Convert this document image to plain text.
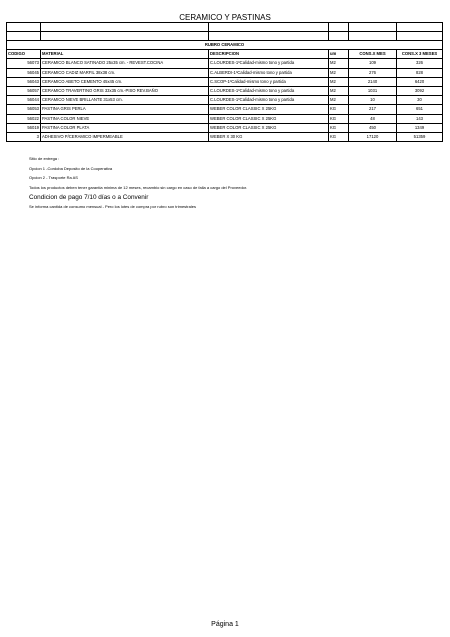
CERAMICO Y PASTINAS

RUBRO CERAMICO					
CODIGO	MATERIAL	DESCRIPCION	um	CONS.X MES	CONS.X 3 MESES
56073	CERAMICO BLANCO SATINADO 25x35 cm. - REVEST.COCINA	C.LOURDES-1ºCalidad-mismo tono y partida	M2	109	326
56045	CERAMICO CADIZ MARFIL 38x38 cm.	C.ALBERDI-1ºCalidad-mismo tono y partida	M2	276	828
56043	CERAMICO ABETO CEMENTO 45x45 cm.	C.SCOP-1ºCalidad-mismo tono y partida	M2	2140	6420
56057	CERAMICO TRAVERTINO GRIS 33x35 cm.-PISO REV.BAÑO	C.LOURDES-1ºCalidad-mismo tono y partida	M2	1031	3092
56044	CERAMICO NIEVE BRILLANTE 31x53 cm.	C.LOURDES-1ºCalidad-mismo tono y partida	M2	10	30
56053	PASTINA GRIS PERLA	WEBER COLOR CLASSIC X 25KG	KG	217	651
56022	PASTINA COLOR NIEVE	WEBER COLOR CLASSIC X 25KG	KG	48	143
56019	PASTINA COLOR PLATA	WEBER COLOR CLASSIC X 25KG	KG	450	1349
3	ADHESIVO P/CERAMICO IMPERMEABLE	WEBER X 30 KG	KG	17120	51359
Sitio de entrega :
Opcion 1 -Cordoba Deposito de la Cooperativa
Opcion 2 - Trasporte Ra AS
Todos los productos deben tener garantia minima de 12 meses, recambio sin cargo en caso de falla a cargo del Proveedor.
Condicion de pago 7/10 días o a Convenir
Se informa cantida de consumo mensual - Pero los lotes de compra por rubro son trimestrales
Página 1
